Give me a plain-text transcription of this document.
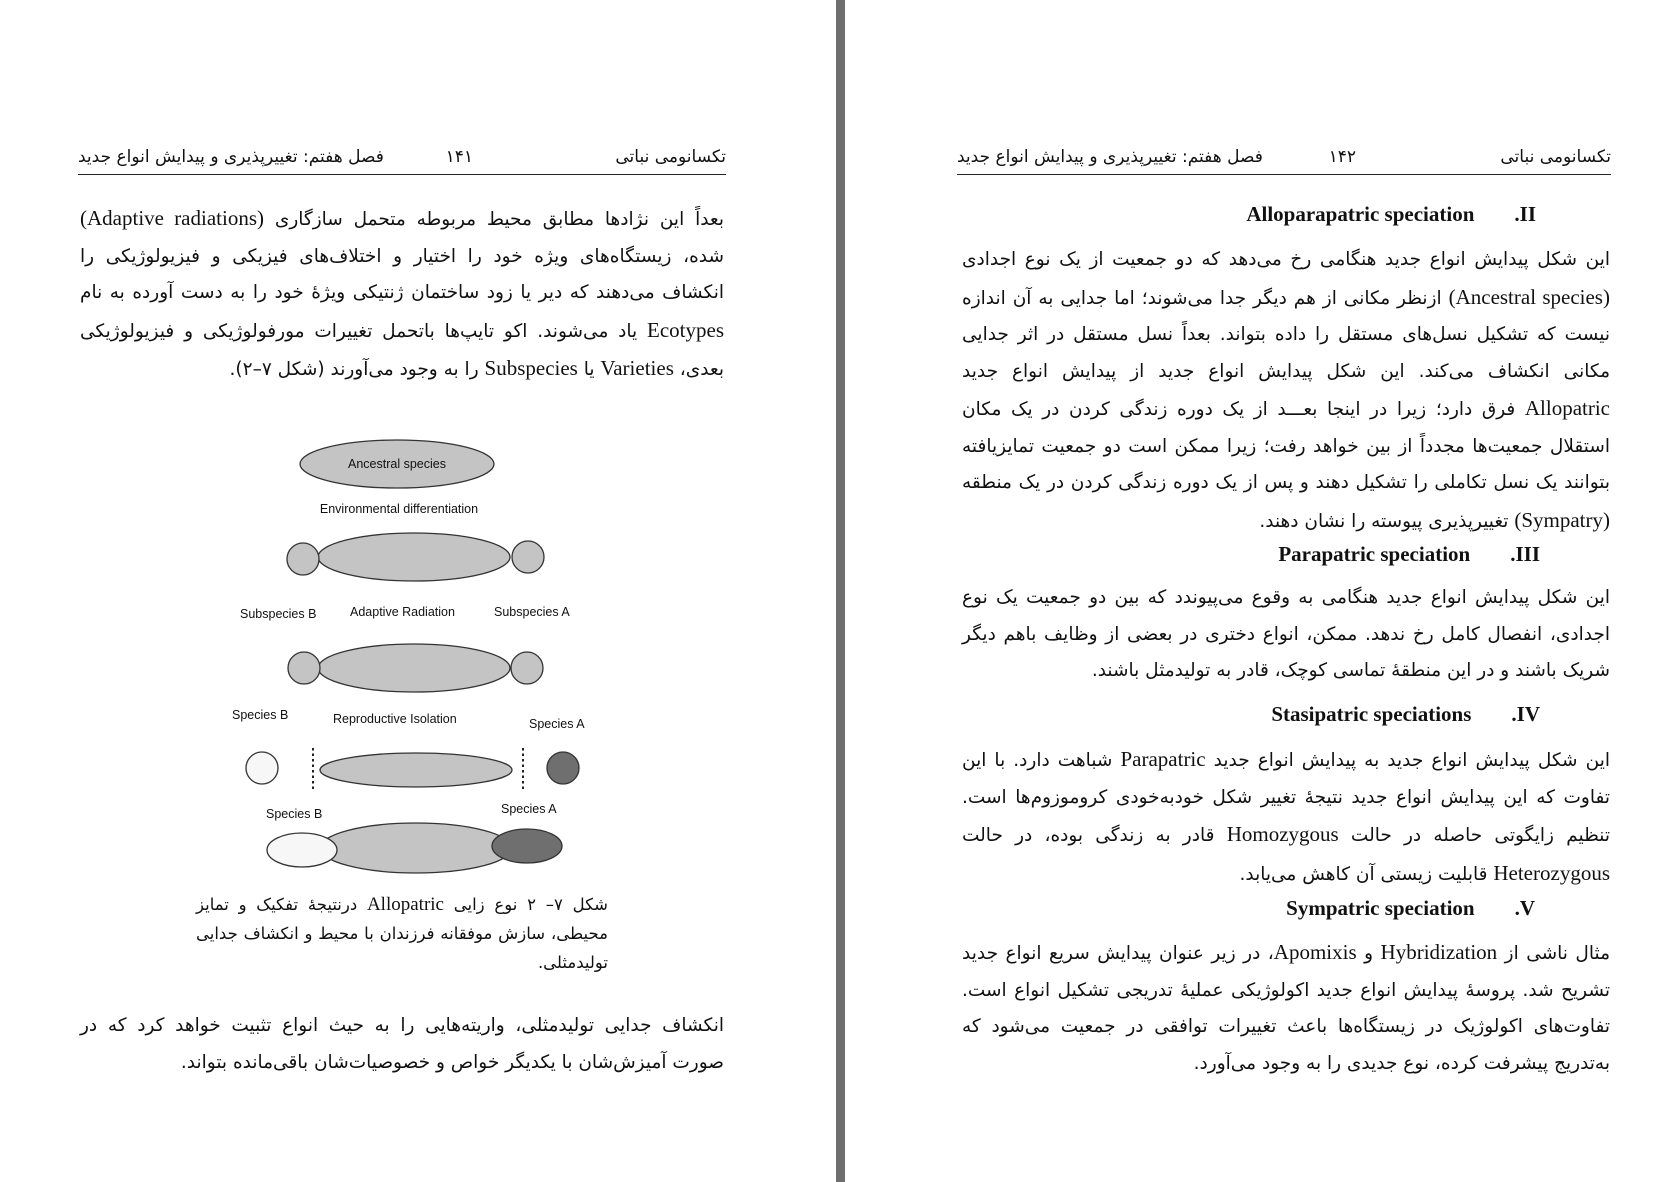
تکسانومی نباتی
۱۴۱
فصل هفتم: تغییرپذیری و پیدایش انواع جدید

بعداً این نژادها مطابق محیط مربوطه متحمل سازگاری (Adaptive radiations) شده، زیستگاه‌های ویژه خود را اختیار و اختلاف‌های فیزیکی و فیزیولوژیکی را انکشاف می‌دهند که دیر یا زود ساختمان ژنتیکی ویژۀ خود را به دست آورده به نام Ecotypes یاد می‌شوند. اکو تایپ‌ها باتحمل تغییرات مورفولوژیکی و فیزیولوژیکی بعدی، Varieties یا Subspecies را به وجود می‌آورند (شکل ۷–۲).

Ancestral species
Environmental differentiation
Subspecies B	Adaptive Radiation	Subspecies A
Species B	Reproductive Isolation	Species A
Species B	Species A

شکل ۷– ۲ نوع زایی Allopatric درنتیجۀ تفکیک و تمایز محیطی، سازش موفقانه فرزندان با محیط و انکشاف جدایی تولیدمثلی.

انکشاف جدایی تولیدمثلی، واریته‌هایی را به حیث انواع تثبیت خواهد کرد که در صورت آمیزش‌شان با یکدیگر خواص و خصوصیات‌شان باقی‌مانده بتواند.

تکسانومی نباتی
۱۴۲
فصل هفتم: تغییرپذیری و پیدایش انواع جدید
II.Alloparapatric speciation

این شکل پیدایش انواع جدید هنگامی رخ می‌دهد که دو جمعیت از یک نوع اجدادی (Ancestral species) ازنظر مکانی از هم دیگر جدا می‌شوند؛ اما جدایی به آن اندازه نیست که تشکیل نسل‌های مستقل را داده بتواند. بعداً نسل مستقل در اثر جدایی مکانی انکشاف می‌کند. این شکل پیدایش انواع جدید از پیدایش انواع جدید Allopatric فرق دارد؛ زیرا در اینجا بعـــد از یک دوره زندگی کردن در یک مکان استقلال جمعیت‌ها مجدداً از بین خواهد رفت؛ زیرا ممکن است دو جمعیت تمایزیافته بتوانند یک نسل تکاملی را تشکیل دهند و پس از یک دوره زندگی کردن در یک منطقه (Sympatry) تغییرپذیری پیوسته را نشان دهند.

III.Parapatric speciation

این شکل پیدایش انواع جدید هنگامی به وقوع می‌پیوندد که بین دو جمعیت یک نوع اجدادی، انفصال کامل رخ ندهد. ممکن، انواع دختری در بعضی از وظایف باهم دیگر شریک باشند و در این منطقۀ تماسی کوچک، قادر به تولیدمثل باشند.

IV.Stasipatric speciations

این شکل پیدایش انواع جدید به پیدایش انواع جدید Parapatric شباهت دارد. با این تفاوت که این پیدایش انواع جدید نتیجۀ تغییر شکل خودبه‌خودی کروموزوم‌ها است. تنظیم زایگوتی حاصله در حالت Homozygous قادر به زندگی بوده، در حالت Heterozygous قابلیت زیستی آن کاهش می‌یابد.

V.Sympatric speciation

مثال ناشی از Hybridization و Apomixis، در زیر عنوان پیدایش سریع انواع جدید تشریح شد. پروسۀ پیدایش انواع جدید اکولوژیکی عملیۀ تدریجی تشکیل انواع است. تفاوت‌های اکولوژیک در زیستگاه‌ها باعث تغییرات توافقی در جمعیت می‌شود که به‌تدریج پیشرفت کرده، نوع جدیدی را به وجود می‌آورد.
